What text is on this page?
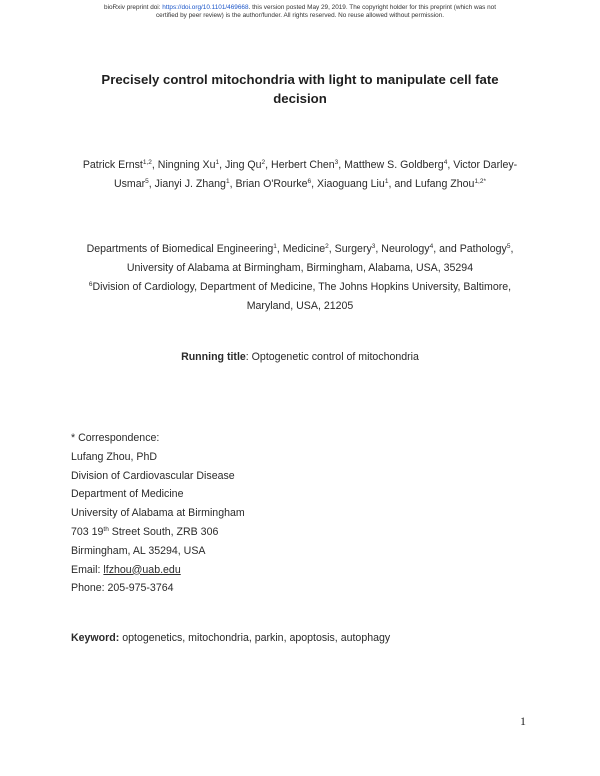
bioRxiv preprint doi: https://doi.org/10.1101/469668. this version posted May 29, 2019. The copyright holder for this preprint (which was not
certified by peer review) is the author/funder. All rights reserved. No reuse allowed without permission.
Precisely control mitochondria with light to manipulate cell fate
decision
Patrick Ernst$^{1,2}$, Ningning Xu$^1$, Jing Qu$^2$, Herbert Chen$^3$, Matthew S. Goldberg$^4$, Victor Darley-
Usmar$^5$, Jianyi J. Zhang$^1$, Brian O'Rourke$^6$, Xiaoguang Liu$^1$, and Lufang Zhou$^{1,2*}$
Departments of Biomedical Engineering$^1$, Medicine$^2$, Surgery$^3$, Neurology$^4$, and Pathology$^5$,
University of Alabama at Birmingham, Birmingham, Alabama, USA, 35294
$^6$Division of Cardiology, Department of Medicine, The Johns Hopkins University, Baltimore,
Maryland, USA, 21205
Running title: Optogenetic control of mitochondria
* Correspondence:
Lufang Zhou, PhD
Division of Cardiovascular Disease
Department of Medicine
University of Alabama at Birmingham
703 19th Street South, ZRB 306
Birmingham, AL 35294, USA
Email: lfzhou@uab.edu
Phone: 205-975-3764
Keyword: optogenetics, mitochondria, parkin, apoptosis, autophagy
1
